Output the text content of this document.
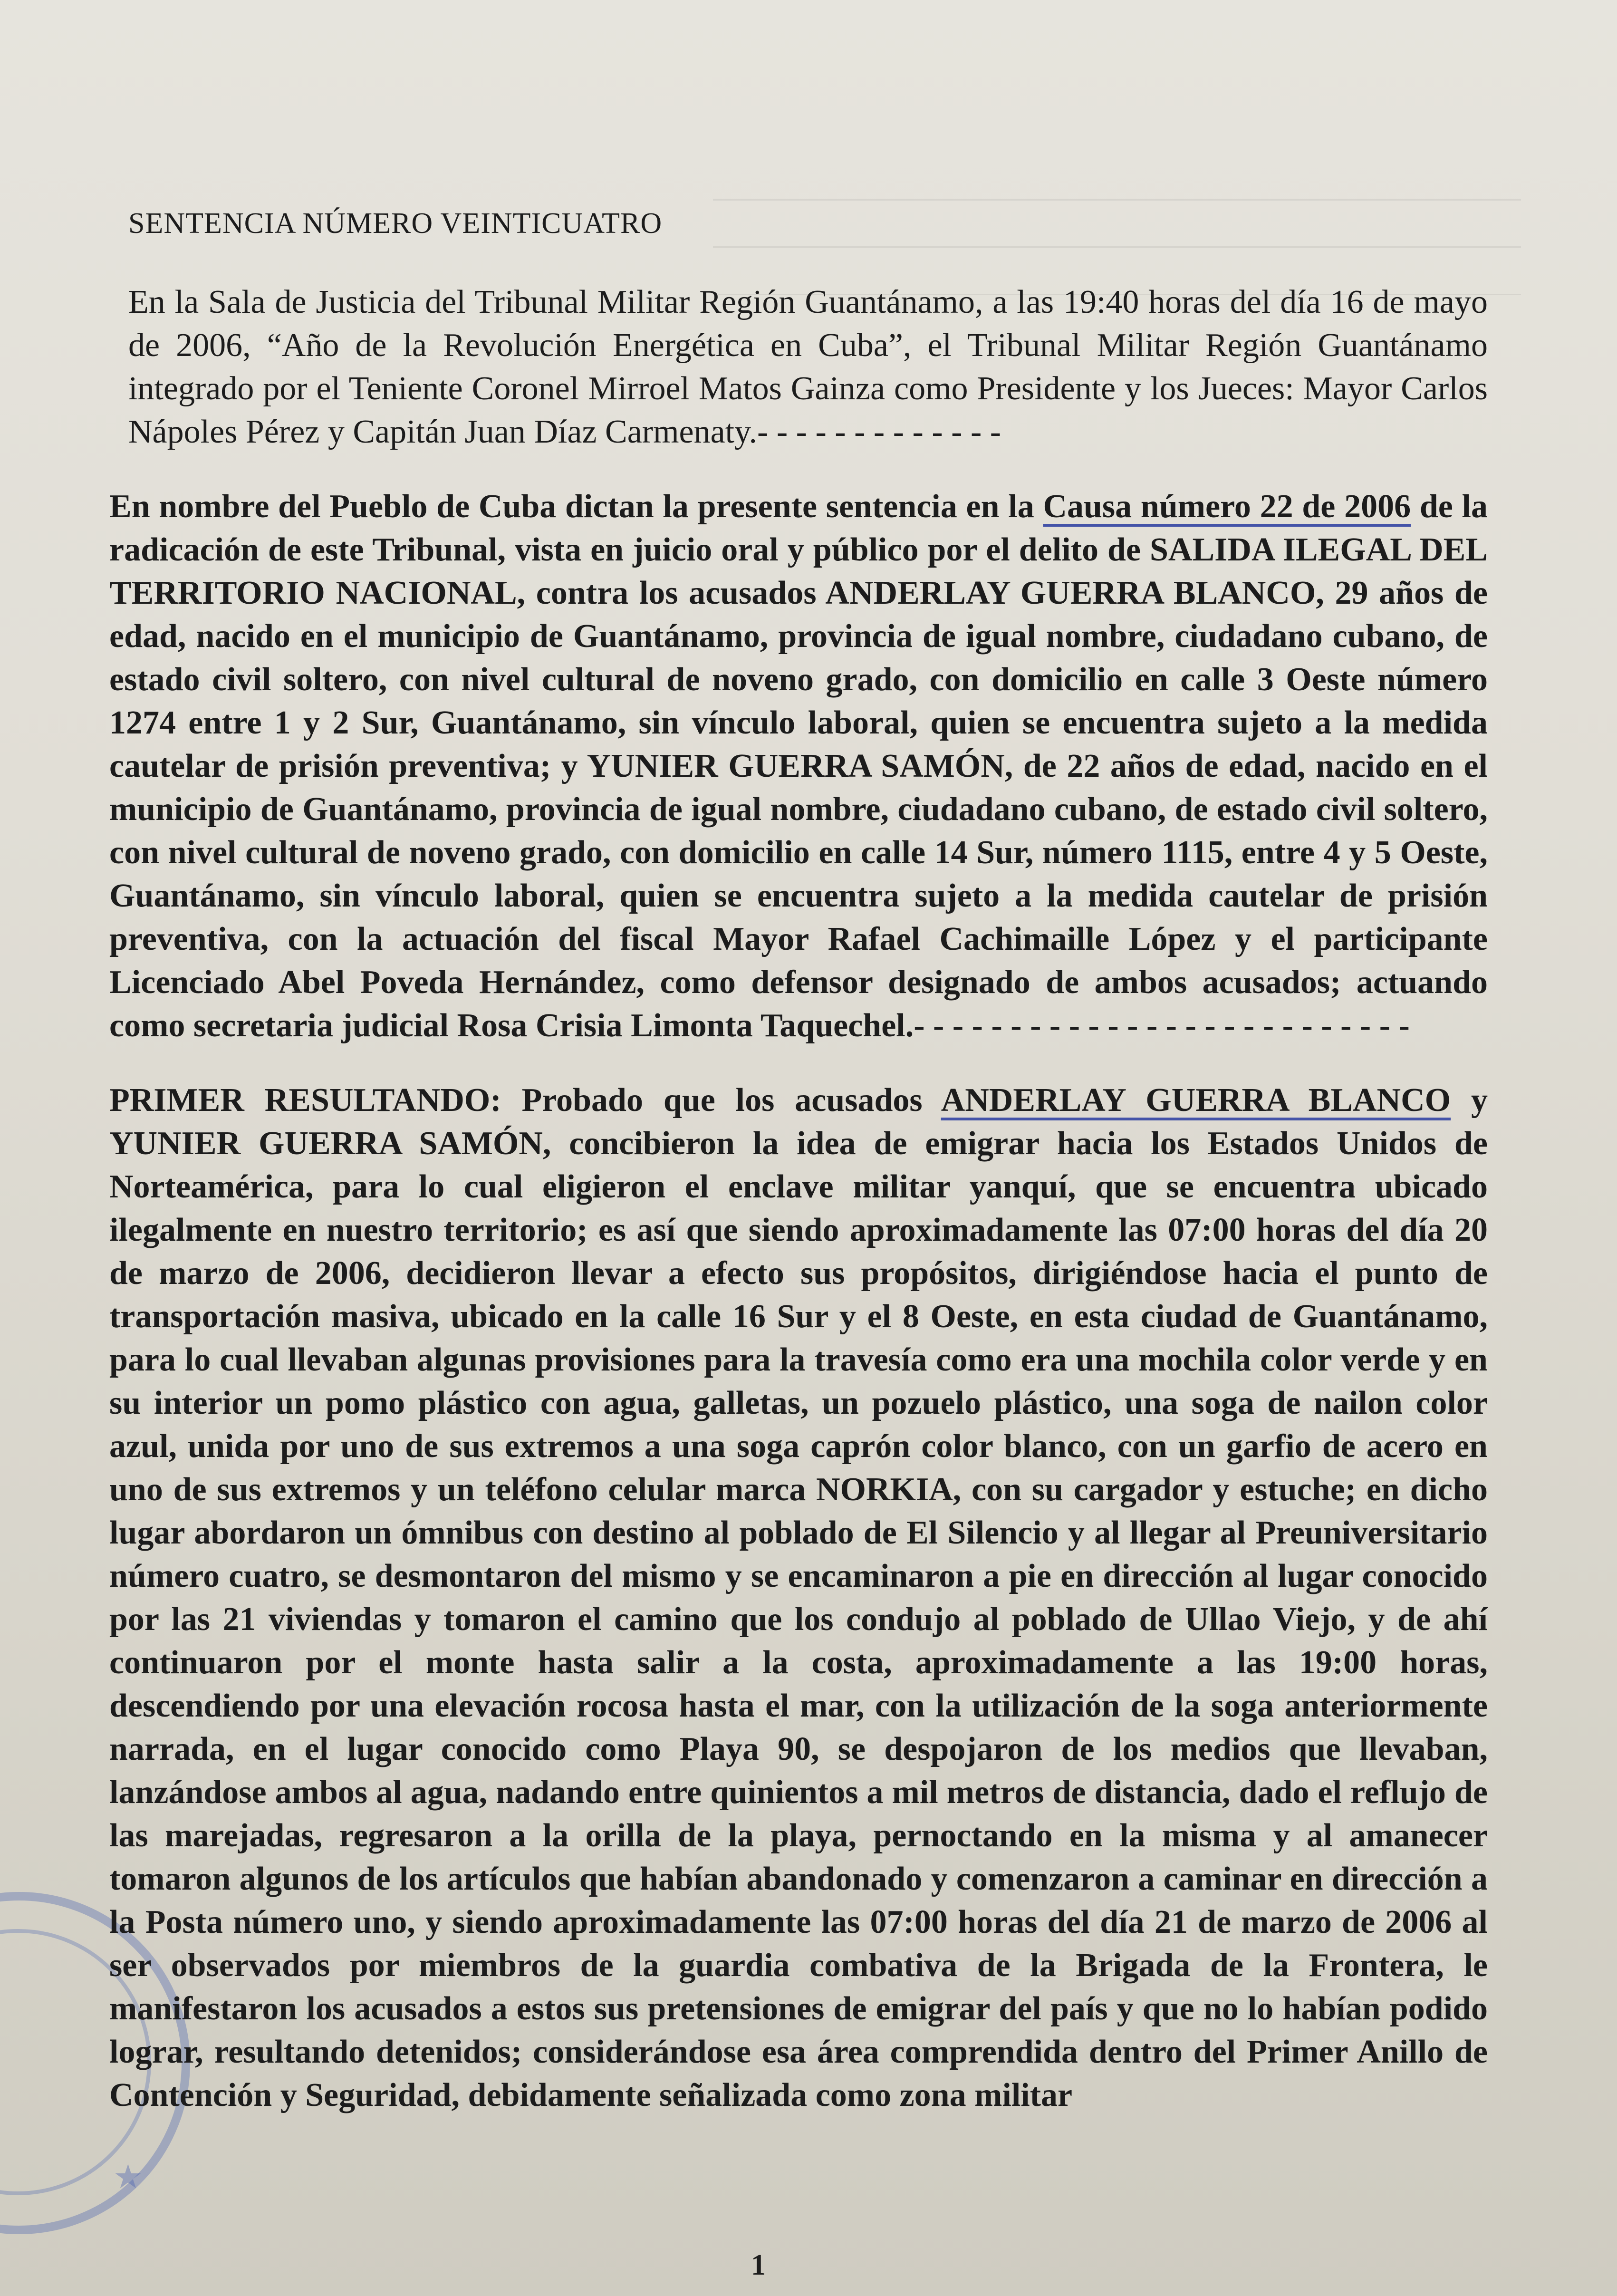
★
SENTENCIA NÚMERO VEINTICUATRO

En la Sala de Justicia del Tribunal Militar Región Guantánamo, a las 19:40 horas del día 16 de mayo de 2006, “Año de la Revolución Energética en Cuba”, el Tribunal Militar Región Guantánamo integrado por el Teniente Coronel Mirroel Matos Gainza como Presidente y los Jueces: Mayor Carlos Nápoles Pérez y Capitán Juan Díaz Carmenaty.- - - - - - - - - - - - -

En nombre del Pueblo de Cuba dictan la presente sentencia en la Causa número 22 de 2006 de la radicación de este Tribunal, vista en juicio oral y público por el delito de SALIDA ILEGAL DEL TERRITORIO NACIONAL, contra los acusados ANDERLAY GUERRA BLANCO, 29 años de edad, nacido en el municipio de Guantánamo, provincia de igual nombre, ciudadano cubano, de estado civil soltero, con nivel cultural de noveno grado, con domicilio en calle 3 Oeste número 1274 entre 1 y 2 Sur, Guantánamo, sin vínculo laboral, quien se encuentra sujeto a la medida cautelar de prisión preventiva; y YUNIER GUERRA SAMÓN, de 22 años de edad, nacido en el municipio de Guantánamo, provincia de igual nombre, ciudadano cubano, de estado civil soltero, con nivel cultural de noveno grado, con domicilio en calle 14 Sur, número 1115, entre 4 y 5 Oeste, Guantánamo, sin vínculo laboral, quien se encuentra sujeto a la medida cautelar de prisión preventiva, con la actuación del fiscal Mayor Rafael Cachimaille López y el participante Licenciado Abel Poveda Hernández, como defensor designado de ambos acusados; actuando como secretaria judicial Rosa Crisia Limonta Taquechel.- - - - - - - - - - - - - - - - - - - - - - - - - -

PRIMER RESULTANDO: Probado que los acusados ANDERLAY GUERRA BLANCO y YUNIER GUERRA SAMÓN, concibieron la idea de emigrar hacia los Estados Unidos de Norteamérica, para lo cual eligieron el enclave militar yanquí, que se encuentra ubicado ilegalmente en nuestro territorio; es así que siendo aproximadamente las 07:00 horas del día 20 de marzo de 2006, decidieron llevar a efecto sus propósitos, dirigiéndose hacia el punto de transportación masiva, ubicado en la calle 16 Sur y el 8 Oeste, en esta ciudad de Guantánamo, para lo cual llevaban algunas provisiones para la travesía como era una mochila color verde y en su interior un pomo plástico con agua, galletas, un pozuelo plástico, una soga de nailon color azul, unida por uno de sus extremos a una soga caprón color blanco, con un garfio de acero en uno de sus extremos y un teléfono celular marca NORKIA, con su cargador y estuche; en dicho lugar abordaron un ómnibus con destino al poblado de El Silencio y al llegar al Preuniversitario número cuatro, se desmontaron del mismo y se encaminaron a pie en dirección al lugar conocido por las 21 viviendas y tomaron el camino que los condujo al poblado de Ullao Viejo, y de ahí continuaron por el monte hasta salir a la costa, aproximadamente a las 19:00 horas, descendiendo por una elevación rocosa hasta el mar, con la utilización de la soga anteriormente narrada, en el lugar conocido como Playa 90, se despojaron de los medios que llevaban, lanzándose ambos al agua, nadando entre quinientos a mil metros de distancia, dado el reflujo de las marejadas, regresaron a la orilla de la playa, pernoctando en la misma y al amanecer tomaron algunos de los artículos que habían abandonado y comenzaron a caminar en dirección a la Posta número uno, y siendo aproximadamente las 07:00 horas del día 21 de marzo de 2006 al ser observados por miembros de la guardia combativa de la Brigada de la Frontera, le manifestaron los acusados a estos sus pretensiones de emigrar del país y que no lo habían podido lograr, resultando detenidos; considerándose esa área comprendida dentro del Primer Anillo de Contención y Seguridad, debidamente señalizada como zona militar

1
